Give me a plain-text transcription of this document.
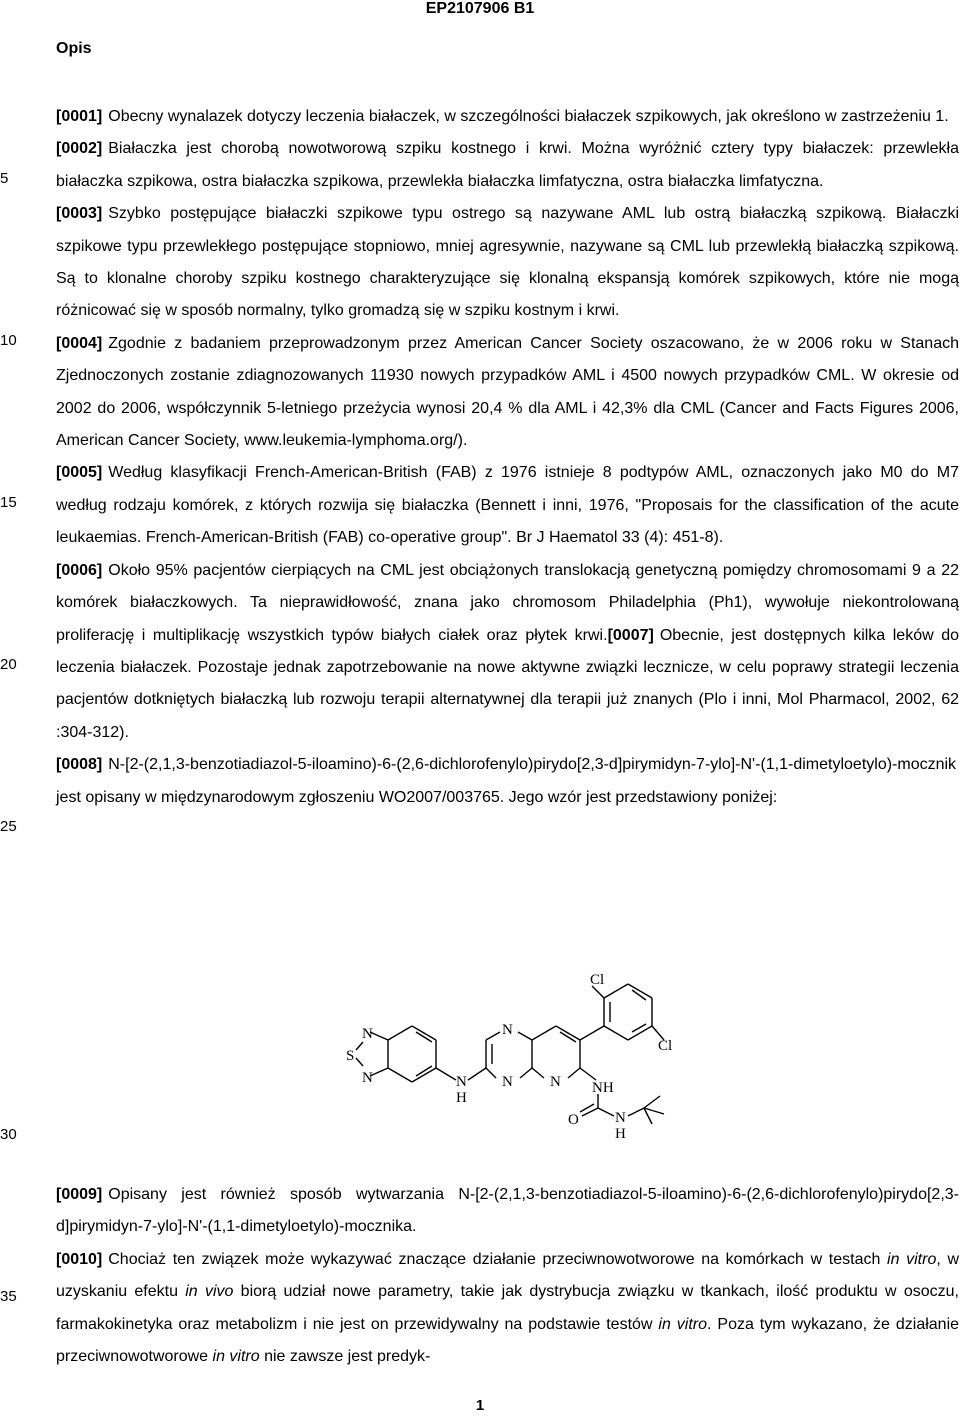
EP2107906 B1
Opis
5
10
15
20
25
30
35

[0001] Obecny wynalazek dotyczy leczenia białaczek, w szczególności białaczek szpikowych, jak określono w zastrzeżeniu 1.

[0002] Białaczka jest chorobą nowotworową szpiku kostnego i krwi. Można wyróżnić cztery typy białaczek: przewlekła białaczka szpikowa, ostra białaczka szpikowa, przewlekła białaczka limfatyczna, ostra białaczka limfatyczna.

[0003] Szybko postępujące białaczki szpikowe typu ostrego są nazywane AML lub ostrą białaczką szpikową. Białaczki szpikowe typu przewlekłego postępujące stopniowo, mniej agresywnie, nazywane są CML lub przewlekłą białaczką szpikową. Są to klonalne choroby szpiku kostnego charakteryzujące się klonalną ekspansją komórek szpikowych, które nie mogą różnicować się w sposób normalny, tylko gromadzą się w szpiku kostnym i krwi.

[0004] Zgodnie z badaniem przeprowadzonym przez American Cancer Society oszacowano, że w 2006 roku w Stanach Zjednoczonych zostanie zdiagnozowanych 11930 nowych przypadków AML i 4500 nowych przypadków CML. W okresie od 2002 do 2006, współczynnik 5-letniego przeżycia wynosi 20,4 % dla AML i 42,3% dla CML (Cancer and Facts Figures 2006, American Cancer Society, www.leukemia-lymphoma.org/).

[0005] Według klasyfikacji French-American-British (FAB) z 1976 istnieje 8 podtypów AML, oznaczonych jako M0 do M7 według rodzaju komórek, z których rozwija się białaczka (Bennett i inni, 1976, "Proposais for the classification of the acute leukaemias. French-American-British (FAB) co-operative group". Br J Haematol 33 (4): 451-8).

[0006] Około 95% pacjentów cierpiących na CML jest obciążonych translokacją genetyczną pomiędzy chromosomami 9 a 22 komórek białaczkowych. Ta nieprawidłowość, znana jako chromosom Philadelphia (Ph1), wywołuje niekontrolowaną proliferację i multiplikację wszystkich typów białych ciałek oraz płytek krwi.[0007] Obecnie, jest dostępnych kilka leków do leczenia białaczek. Pozostaje jednak zapotrzebowanie na nowe aktywne związki lecznicze, w celu poprawy strategii leczenia pacjentów dotkniętych białaczką lub rozwoju terapii alternatywnej dla terapii już znanych (Plo i inni, Mol Pharmacol, 2002, 62 :304-312).

[0008] N-[2-(2,1,3-benzotiadiazol-5-iloamino)-6-(2,6-dichlorofenylo)pirydo[2,3-d]pirymidyn-7-ylo]-N'-(1,1-dimetyloetylo)-mocznik jest opisany w międzynarodowym zgłoszeniu WO2007/003765. Jego wzór jest przedstawiony poniżej:

Cl
Cl
N
S
N	N
H
N
N N NH
O N
H

[0009] Opisany jest również sposób wytwarzania N-[2-(2,1,3-benzotiadiazol-5-iloamino)-6-(2,6-dichlorofenylo)pirydo[2,3-d]pirymidyn-7-ylo]-N'-(1,1-dimetyloetylo)-mocznika.

[0010] Chociaż ten związek może wykazywać znaczące działanie przeciwnowotworowe na komórkach w testach in vitro, w uzyskaniu efektu in vivo biorą udział nowe parametry, takie jak dystrybucja związku w tkankach, ilość produktu w osoczu, farmakokinetyka oraz metabolizm i nie jest on przewidywalny na podstawie testów in vitro. Poza tym wykazano, że działanie przeciwnowotworowe in vitro nie zawsze jest predyk-

1
